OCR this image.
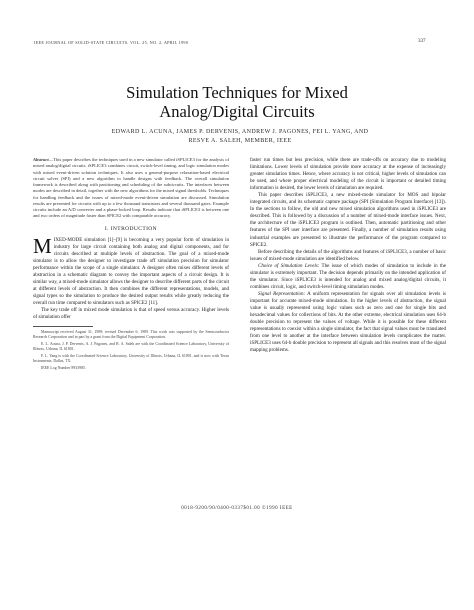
IEEE JOURNAL OF SOLID-STATE CIRCUITS, VOL. 25, NO. 2, APRIL 1990	337
Simulation Techniques for Mixed
Analog/Digital Circuits
EDWARD L. ACUNA, JAMES P. DERVENIS, ANDREW J. PAGONES, FEI L. YANG, AND
RESVE A. SALEH, MEMBER, IEEE

Abstract—This paper describes the techniques used in a new simulator called iSPLICE3 for the analysis of mixed analog/digital circuits. iSPLICE3 combines circuit, switch-level timing, and logic simulation modes with mixed event-driven solution techniques. It also uses a general-purpose relaxation-based electrical circuit solver (SPI) and a new algorithm to handle designs with feedback. The overall simulation framework is described along with partitioning and scheduling of the subcircuits. The interfaces between modes are described in detail, together with the new algorithms for the mixed signal thresholds. Techniques for handling feedback and the issues of mixed-mode event-driven simulation are discussed. Simulation results are presented for circuits with up to a few thousand transistors and several thousand gates. Example circuits include an A/D converter and a phase-locked loop. Results indicate that iSPLICE3 is between one and two orders of magnitude faster than SPICE2 with comparable accuracy.

I. INTRODUCTION

MIXED-MODE simulation [1]–[9] is becoming a very popular form of simulation in industry for large circuit containing both analog and digital components, and for circuits described at multiple levels of abstraction. The goal of a mixed-mode simulator is to allow the designer to investigate trade off simulation precision for simulator performance within the scope of a single simulator. A designer often mixes different levels of abstraction in a schematic diagram to convey the important aspects of a circuit design. It is similar way, a mixed-mode simulator allows the designer to describe different parts of the circuit at different levels of abstraction. It then combines the different representations, models, and signal types so the simulation to produce the desired output results while greatly reducing the overall run time compared to simulators such as SPICE2 [11].

The key trade off in mixed mode simulation is that of speed versus accuracy. Higher levels of simulation offer

Manuscript received August 31, 1989; revised December 6, 1989. This work was supported by the Semiconductor Research Corporation and in part by a grant from the Digital Equipment Corporation.

E. L. Acuna, J. P. Dervenis, A. J. Pagones, and R. A. Saleh are with the Coordinated Science Laboratory, University of Illinois, Urbana, IL 61801.

F. L. Yang is with the Coordinated Science Laboratory, University of Illinois, Urbana, IL 61801, and is now with Texas Instruments, Dallas, TX.

IEEE Log Number 8933985.

faster run times but less precision, while there are trade-offs on accuracy due to modeling limitations. Lower levels of simulation provide more accuracy at the expense of increasingly greater simulation times. Hence, where accuracy is not critical, higher levels of simulation can be used, and where proper electrical modeling of the circuit is important or detailed timing information is desired, the lower levels of simulation are required.

This paper describes iSPLICE3, a new mixed-mode simulator for MOS and bipolar integrated circuits, and its schematic capture package (SPI (Simulation Program Interface) [13]). In the sections to follow, the old and new mixed simulation algorithms used in iSPLICE3 are described. This is followed by a discussion of a number of mixed-mode interface issues. Next, the architecture of the iSPLICE3 program is outlined. Then, automatic partitioning and other features of the SPI user interface are presented. Finally, a number of simulation results using industrial examples are presented to illustrate the performance of the program compared to SPICE2.

Before describing the details of the algorithms and features of iSPLICE3, a number of basic issues of mixed-mode simulation are identified below.

Choice of Simulation Levels: The issue of which modes of simulation to include in the simulator is extremely important. The decision depends primarily on the intended application of the simulator. Since iSPLICE3 is intended for analog and mixed analog/digital circuits, it combines circuit, logic, and switch-level timing simulation modes.

Signal Representation: A uniform representation for signals over all simulation levels is important for accurate mixed-mode simulation. In the higher levels of abstraction, the signal value is usually represented using logic values such as zero and one for single bits and hexadecimal values for collections of bits. At the other extreme, electrical simulation uses 64-b double precision to represent the values of voltage. While it is possible for these different representations to coexist within a single simulator, the fact that signal values must be translated from one level to another at the interface between simulation levels complicates the matter. iSPLICE3 uses 64-b double precision to represent all signals and this resolves most of the signal mapping problems.

0018-9200/90/0400-0337$01.00 ©1990 IEEE
